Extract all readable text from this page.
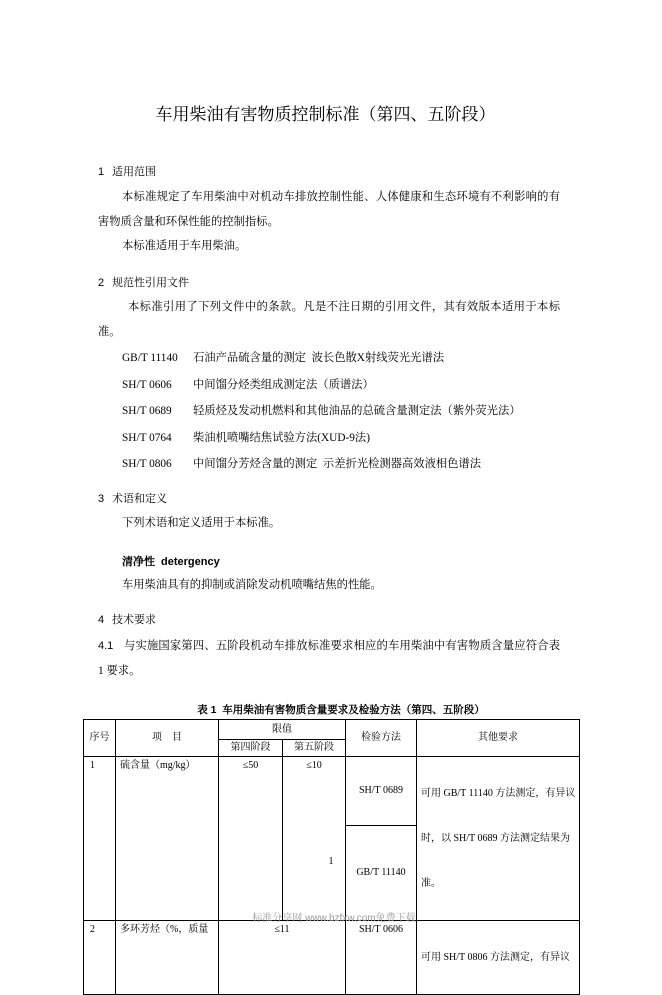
车用柴油有害物质控制标准（第四、五阶段）
1 适用范围
本标准规定了车用柴油中对机动车排放控制性能、人体健康和生态环境有不利影响的有
害物质含量和环保性能的控制指标。
本标准适用于车用柴油。
2 规范性引用文件
本标准引用了下列文件中的条款。凡是不注日期的引用文件，其有效版本适用于本标
准。
GB/T 11140 石油产品硫含量的测定  波长色散X射线荧光光谱法
SH/T 0606 中间馏分烃类组成测定法（质谱法）
SH/T 0689 轻质烃及发动机燃料和其他油品的总硫含量测定法（紫外荧光法）
SH/T 0764 柴油机喷嘴结焦试验方法(XUD-9法)
SH/T 0806 中间馏分芳烃含量的测定  示差折光检测器高效液相色谱法
3 术语和定义
下列术语和定义适用于本标准。
清净性 detergency
车用柴油具有的抑制或消除发动机喷嘴结焦的性能。
4 技术要求
4.1 与实施国家第四、五阶段机动车排放标准要求相应的车用柴油中有害物质含量应符合表
1 要求。
表 1  车用柴油有害物质含量要求及检验方法（第四、五阶段）
序号	项    目	限值		检验方法	其他要求
		第四阶段	第五阶段		
1	硫含量（mg/kg）	≤50	≤10	SH/T 0689	可用 GB/T 11140 方法测定，有异议

时，以 SH/T 0689 方法测定结果为

准。

				GB/T 11140	
2	多环芳烃（%，质量	≤11		SH/T 0606	可用 SH/T 0806 方法测定，有异议

1
标准分享网 www.bzfxw.com免费下载
